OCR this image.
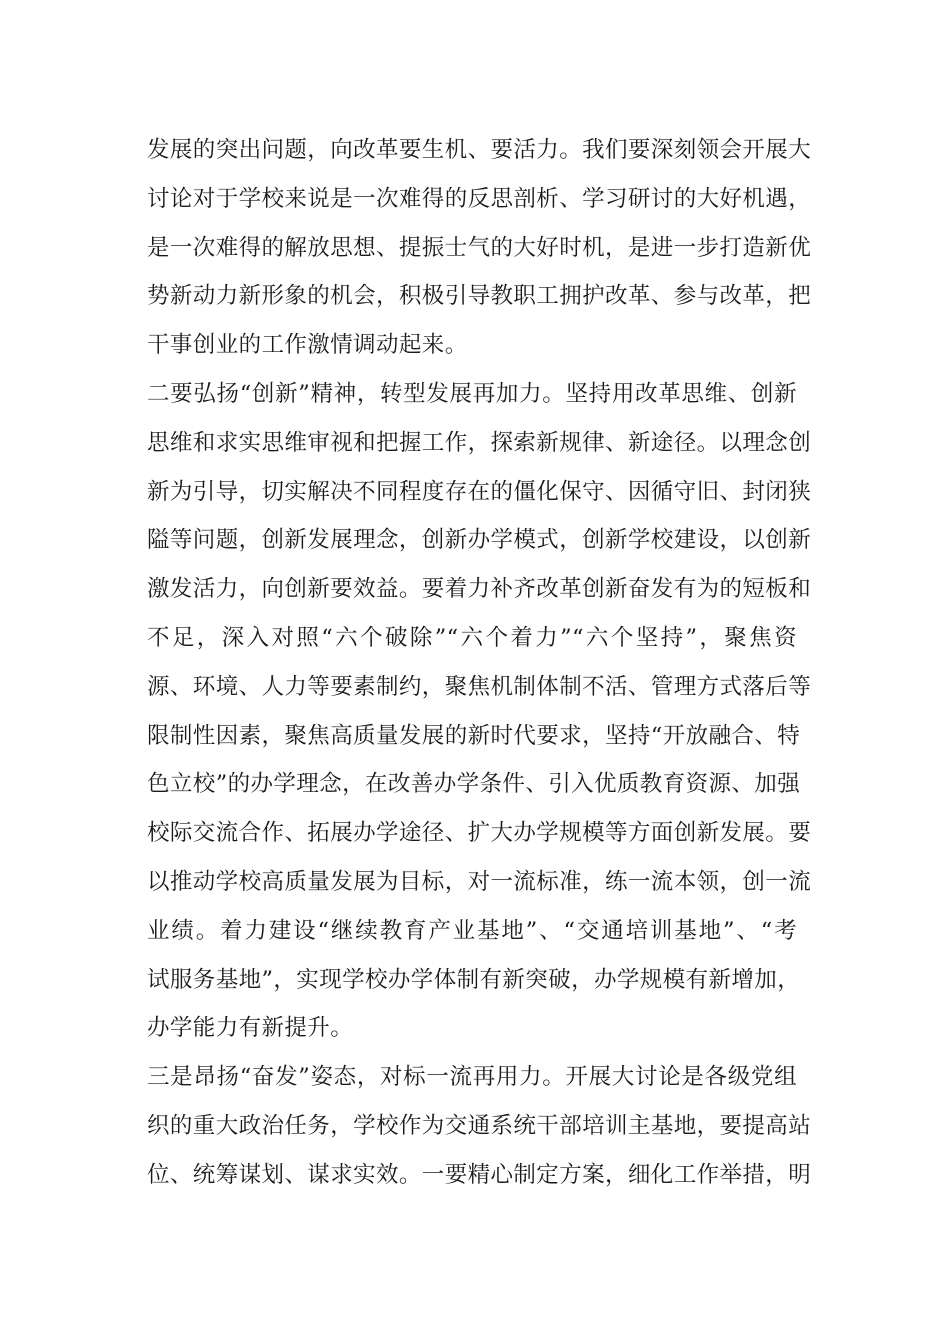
发展的突出问题，向改革要生机、要活力。我们要深刻领会开展大
讨论对于学校来说是一次难得的反思剖析、学习研讨的大好机遇，
是一次难得的解放思想、提振士气的大好时机，是进一步打造新优
势新动力新形象的机会，积极引导教职工拥护改革、参与改革，把
干事创业的工作激情调动起来。
二要弘扬“创新”精神，转型发展再加力。坚持用改革思维、创新
思维和求实思维审视和把握工作，探索新规律、新途径。以理念创
新为引导，切实解决不同程度存在的僵化保守、因循守旧、封闭狭
隘等问题，创新发展理念，创新办学模式，创新学校建设，以创新
激发活力，向创新要效益。要着力补齐改革创新奋发有为的短板和
不足，深入对照“六个破除”“六个着力”“六个坚持”，聚焦资
源、环境、人力等要素制约，聚焦机制体制不活、管理方式落后等
限制性因素，聚焦高质量发展的新时代要求，坚持“开放融合、特
色立校”的办学理念，在改善办学条件、引入优质教育资源、加强
校际交流合作、拓展办学途径、扩大办学规模等方面创新发展。要
以推动学校高质量发展为目标，对一流标准，练一流本领，创一流
业绩。着力建设“继续教育产业基地”、“交通培训基地”、“考
试服务基地”，实现学校办学体制有新突破，办学规模有新增加，
办学能力有新提升。
三是昂扬“奋发”姿态，对标一流再用力。开展大讨论是各级党组
织的重大政治任务，学校作为交通系统干部培训主基地，要提高站
位、统筹谋划、谋求实效。一要精心制定方案，细化工作举措，明
